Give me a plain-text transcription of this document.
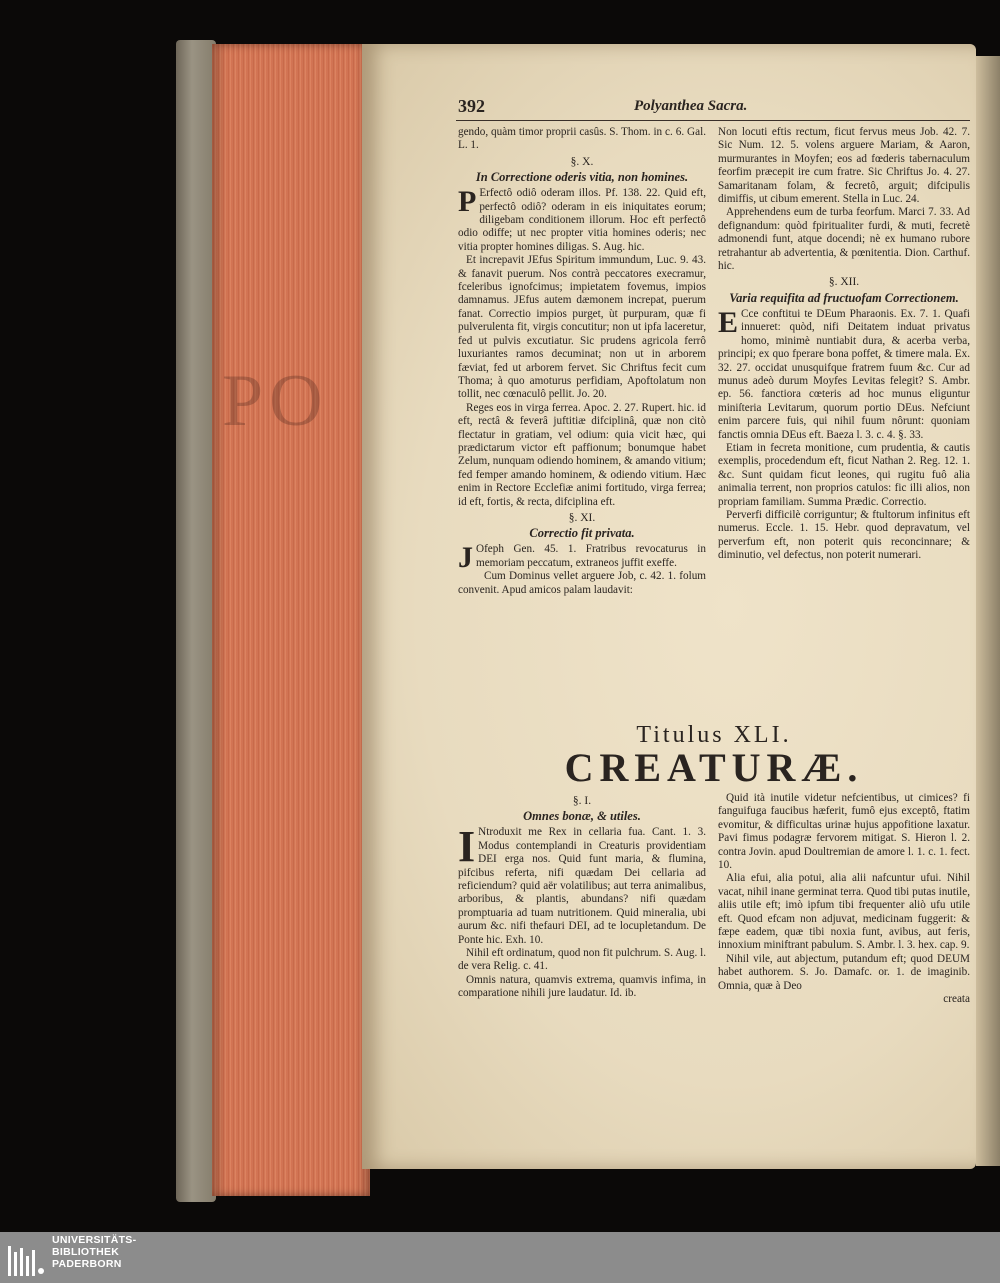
PO
392	Polyanthea Sacra.

gendo, quàm timor proprii casûs. S. Thom. in c. 6. Gal. L. 1.

§. X.
In Correctione oderis vitia, non homines.

P Erfectô odiô oderam illos. Pf. 138. 22. Quid eft, perfectô odiô? oderam in eis iniquitates eorum; diligebam conditionem illorum. Hoc eft perfectô odio odiffe; ut nec propter vitia homines oderis; nec vitia propter homines diligas. S. Aug. hic.

Et increpavit JEfus Spiritum immundum, Luc. 9. 43. & fanavit puerum. Nos contrà peccatores execramur, fceleribus ignofcimus; impietatem fovemus, impios damnamus. JEfus autem dæmonem increpat, puerum fanat. Correctio impios purget, ùt purpuram, quæ fi pulverulenta fit, virgis concutitur; non ut ipfa laceretur, fed ut pulvis excutiatur. Sic prudens agricola ferrô luxuriantes ramos decuminat; non ut in arborem fæviat, fed ut arborem fervet. Sic Chriftus fecit cum Thoma; à quo amoturus perfidiam, Apoftolatum non tollit, nec cœnaculô pellit. Jo. 20.

Reges eos in virga ferrea. Apoc. 2. 27. Rupert. hic. id eft, rectâ & feverâ juftitiæ difciplinâ, quæ non citò flectatur in gratiam, vel odium: quia vicit hæc, qui prædictarum victor eft paffionum; bonumque habet Zelum, nunquam odiendo hominem, & amando vitium; fed femper amando hominem, & odiendo vitium. Hæc enim in Rectore Ecclefiæ animi fortitudo, virga ferrea; id eft, fortis, & recta, difciplina eft.

§. XI.
Correctio fit privata.

J Ofeph Gen. 45. 1. Fratribus revocaturus in memoriam peccatum, extraneos juffit exeffe.

Cum Dominus vellet arguere Job, c. 42. 1. folum convenit. Apud amicos palam laudavit:

Non locuti eftis rectum, ficut fervus meus Job. 42. 7. Sic Num. 12. 5. volens arguere Mariam, & Aaron, murmurantes in Moyfen; eos ad fœderis tabernaculum feorfim præcepit ire cum fratre. Sic Chriftus Jo. 4. 27. Samaritanam folam, & fecretô, arguit; difcipulis dimiffis, ut cibum emerent. Stella in Luc. 24.

Apprehendens eum de turba feorfum. Marci 7. 33. Ad defignandum: quòd fpiritualiter furdi, & muti, fecretè admonendi funt, atque docendi; nè ex humano rubore retrahantur ab advertentia, & pœnitentia. Dion. Carthuf. hic.

§. XII.
Varia requifita ad fructuofam Correctionem.

E Cce conftitui te DEum Pharaonis. Ex. 7. 1. Quafi innueret: quòd, nifi Deitatem induat privatus homo, minimè nuntiabit dura, & acerba verba, principi; ex quo fperare bona poffet, & timere mala. Ex. 32. 27. occidat unusquifque fratrem fuum &c. Cur ad munus adeò durum Moyfes Levitas felegit? S. Ambr. ep. 56. fanctiora cœteris ad hoc munus eliguntur miniſteria Levitarum, quorum portio DEus. Nefciunt enim parcere fuis, qui nihil fuum nôrunt: quoniam fanctis omnia DEus eft. Baeza l. 3. c. 4. §. 33.

Etiam in fecreta monitione, cum prudentia, & cautis exemplis, procedendum eft, ficut Nathan 2. Reg. 12. 1. &c. Sunt quidam ficut leones, qui rugitu fuô alia animalia terrent, non proprios catulos: fic illi alios, non propriam familiam. Summa Prædic. Correctio.

Perverfi difficilè corriguntur; & ftultorum infinitus eft numerus. Eccle. 1. 15. Hebr. quod depravatum, vel perverfum eft, non poterit quis reconcinnare; & diminutio, vel defectus, non poterit numerari.

Titulus XLI.
CREATURÆ.
§. I.
Omnes bonæ, & utiles.

I Ntroduxit me Rex in cellaria fua. Cant. 1. 3. Modus contemplandi in Creaturis providentiam DEI erga nos. Quid funt maria, & flumina, pifcibus referta, nifi quædam Dei cellaria ad reficiendum? quid aër volatilibus; aut terra animalibus, arboribus, & plantis, abundans? nifi quædam promptuaria ad tuam nutritionem. Quid mineralia, ubi aurum &c. nifi thefauri DEI, ad te locupletandum. De Ponte hic. Exh. 10.

Nihil eft ordinatum, quod non fit pulchrum. S. Aug. l. de vera Relig. c. 41.

Omnis natura, quamvis extrema, quamvis infima, in comparatione nihili jure laudatur. Id. ib.

Quid ità inutile videtur nefcientibus, ut cimices? fi fanguifuga faucibus hæferit, fumô ejus exceptô, ftatim evomitur, & difficultas urinæ hujus appofitione laxatur. Pavi fimus podagræ fervorem mitigat. S. Hieron l. 2. contra Jovin. apud Doultremian de amore l. 1. c. 1. fect. 10.

Alia efui, alia potui, alia alii nafcuntur ufui. Nihil vacat, nihil inane germinat terra. Quod tibi putas inutile, aliis utile eft; imò ipfum tibi frequenter aliò ufu utile eft. Quod efcam non adjuvat, medicinam fuggerit: & fæpe eadem, quæ tibi noxia funt, avibus, aut feris, innoxium miniftrant pabulum. S. Ambr. l. 3. hex. cap. 9.

Nihil vile, aut abjectum, putandum eft; quod DEUM habet authorem. S. Jo. Damafc. or. 1. de imaginib. Omnia, quæ à Deo

creata
UNIVERSITÄTS-
BIBLIOTHEK
PADERBORN
